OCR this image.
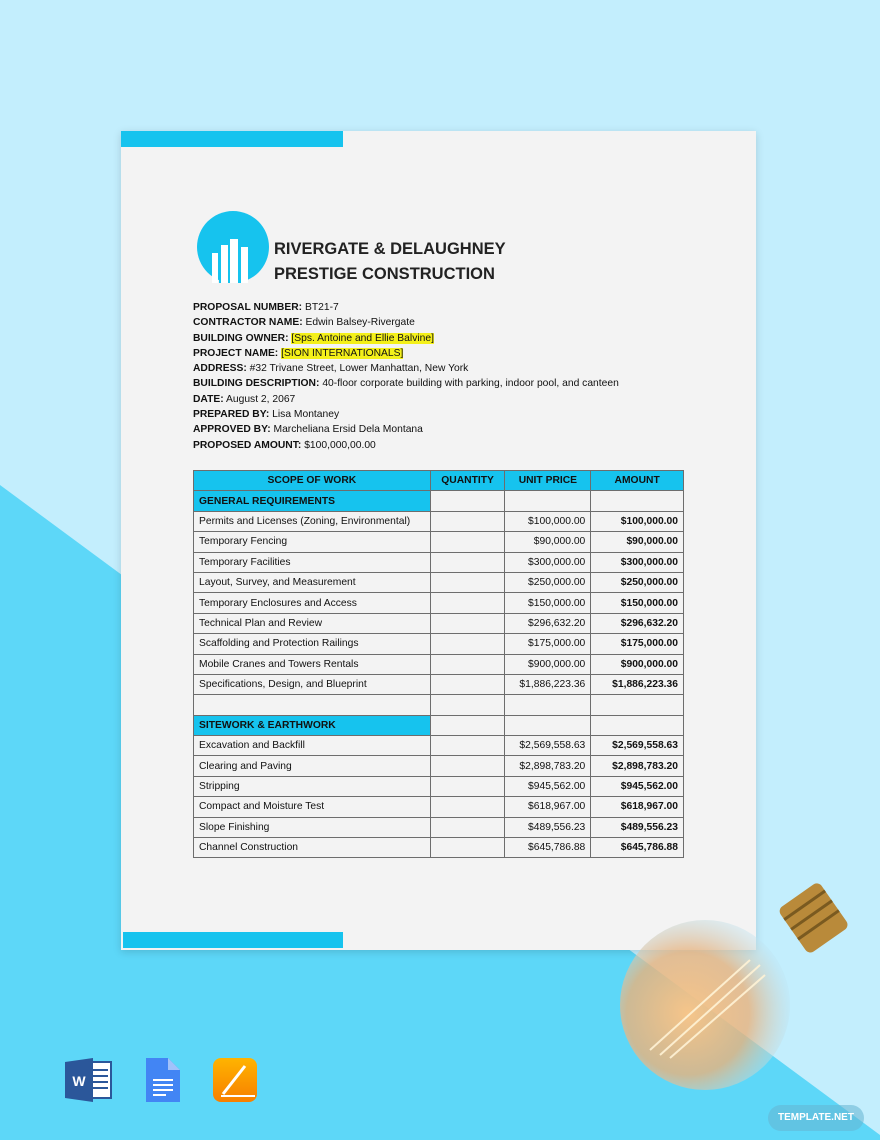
RIVERGATE & DELAUGHNEY
PRESTIGE CONSTRUCTION
PROPOSAL NUMBER: BT21-7
CONTRACTOR NAME: Edwin Balsey-Rivergate
BUILDING OWNER: [Sps. Antoine and Ellie Balvine]
PROJECT NAME: [SION INTERNATIONALS]
ADDRESS: #32 Trivane Street, Lower Manhattan, New York
BUILDING DESCRIPTION: 40-floor corporate building with parking, indoor pool, and canteen
DATE: August 2, 2067
PREPARED BY: Lisa Montaney
APPROVED BY: Marcheliana Ersid Dela Montana
PROPOSED AMOUNT: $100,000,00.00
SCOPE OF WORK	QUANTITY	UNIT PRICE	AMOUNT
GENERAL REQUIREMENTS			
Permits and Licenses (Zoning, Environmental)		$100,000.00	$100,000.00
Temporary Fencing		$90,000.00	$90,000.00
Temporary Facilities		$300,000.00	$300,000.00
Layout, Survey, and Measurement		$250,000.00	$250,000.00
Temporary Enclosures and Access		$150,000.00	$150,000.00
Technical Plan and Review		$296,632.20	$296,632.20
Scaffolding and Protection Railings		$175,000.00	$175,000.00
Mobile Cranes and Towers Rentals		$900,000.00	$900,000.00
Specifications, Design, and Blueprint		$1,886,223.36	$1,886,223.36

SITEWORK & EARTHWORK			
Excavation and Backfill		$2,569,558.63	$2,569,558.63
Clearing and Paving		$2,898,783.20	$2,898,783.20
Stripping		$945,562.00	$945,562.00
Compact and Moisture Test		$618,967.00	$618,967.00
Slope Finishing		$489,556.23	$489,556.23
Channel Construction		$645,786.88	$645,786.88
W
TEMPLATE.NET
